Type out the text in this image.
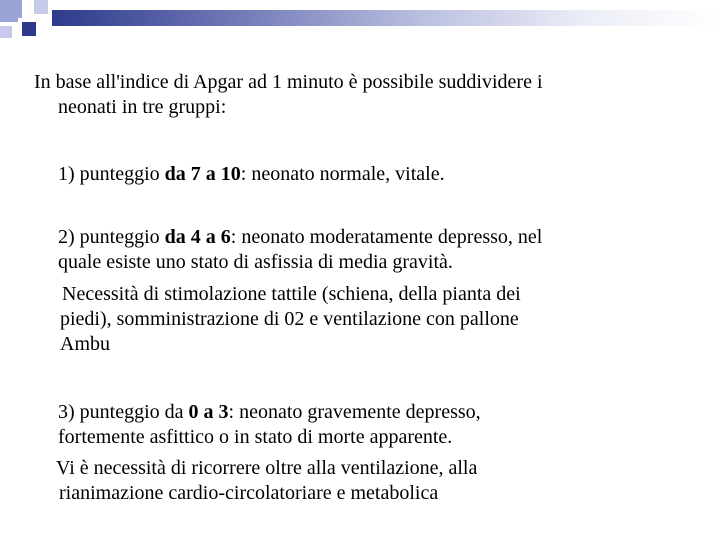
In base all'indice di Apgar ad 1 minuto è possibile suddividere i
neonati in tre gruppi:
1) punteggio da 7 a 10: neonato normale, vitale.
2) punteggio da 4 a 6: neonato moderatamente depresso, nel
quale esiste uno stato di asfissia di media gravità.
Necessità di stimolazione tattile (schiena, della pianta dei
piedi), somministrazione di 02 e ventilazione con pallone
Ambu
3) punteggio da 0 a 3: neonato gravemente depresso,
fortemente asfittico o in stato di morte apparente.
Vi è necessità di ricorrere oltre alla ventilazione, alla
rianimazione cardio-circolatoriare e metabolica
